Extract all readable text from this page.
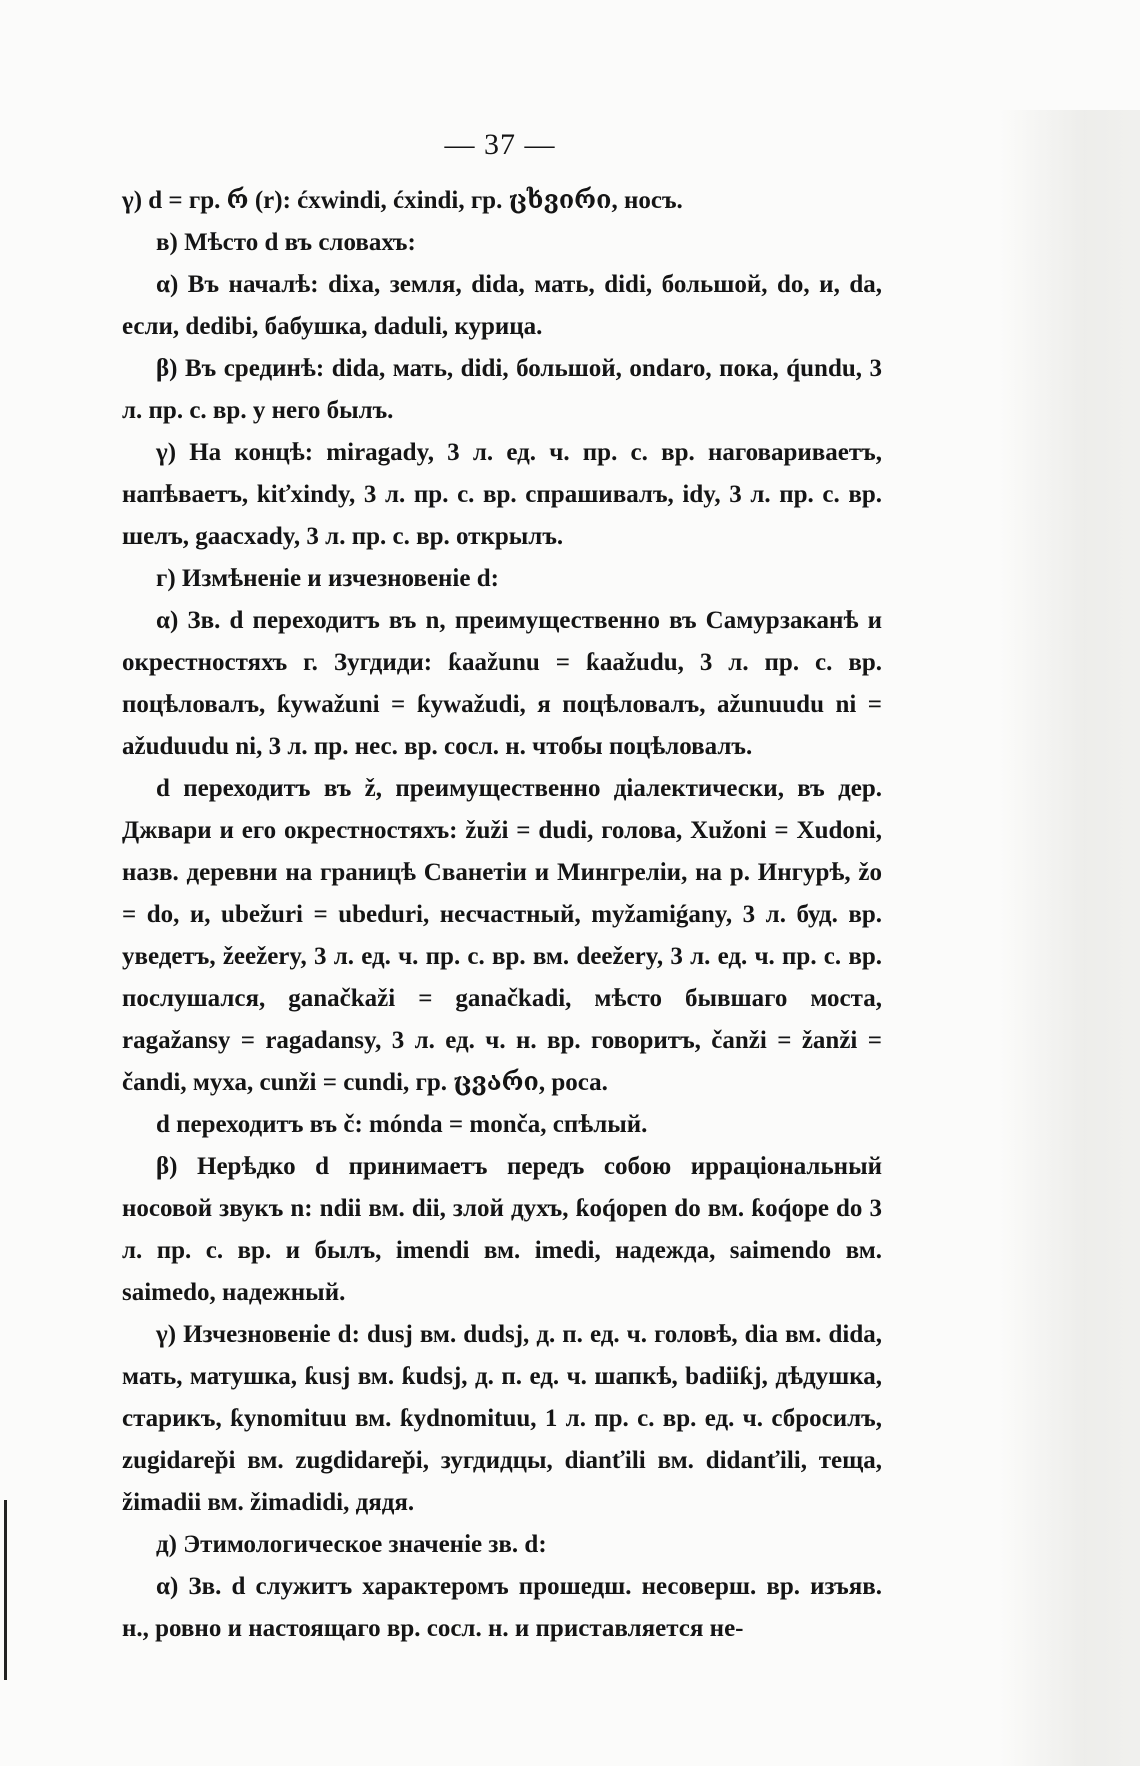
— 37 —

γ) d = гр. რ (r): ćxwindi, ćxindi, гр. ცხვირი, носъ.

в) Мѣсто d въ словахъ:

α) Въ началѣ: dixa, земля, dida, мать, didi, большой, do, и, da, если, dedibi, бабушка, daduli, курица.

β) Въ срединѣ: dida, мать, didi, большой, ondaro, пока, q́undu, 3 л. пр. с. вр. у него былъ.

γ) На концѣ: miragady, 3 л. ед. ч. пр. с. вр. наговариваетъ, напѣваетъ, kiťxindy, 3 л. пр. с. вр. спрашивалъ, idy, 3 л. пр. с. вр. шелъ, gaacxady, 3 л. пр. с. вр. открылъ.

г) Измѣненіе и изчезновеніе d:

α) Зв. d переходитъ въ n, преимущественно въ Самурзаканѣ и окрестностяхъ г. Зугдиди: ƙaažunu = ƙaažudu, 3 л. пр. с. вр. поцѣловалъ, ƙywažuni = ƙywažudi, я поцѣловалъ, ažunuudu ni = ažuduudu ni, 3 л. пр. нес. вр. сосл. н. чтобы поцѣловалъ.

d переходитъ въ ž, преимущественно діалектически, въ дер. Джвари и его окрестностяхъ: žuži = dudi, голова, Xužoni = Xudoni, назв. деревни на границѣ Сванетіи и Мингреліи, на р. Ингурѣ, žo = do, и, ubežuri = ubeduri, несчастный, myžamiǵany, 3 л. буд. вр. уведетъ, žeežery, 3 л. ед. ч. пр. с. вр. вм. deežery, 3 л. ед. ч. пр. с. вр. послушался, ganačkaži = ganačkadi, мѣсто бывшаго моста, ragažansy = ragadansy, 3 л. ед. ч. н. вр. говоритъ, čanži = žanži = čandi, муха, cunži = cundi, гр. ცვარი, роса.

d переходитъ въ č: mónda = monča, спѣлый.

β) Нерѣдко d принимаетъ передъ собою ирраціональный носовой звукъ n: ndii вм. dii, злой духъ, ƙoq́open do вм. ƙoq́ope do 3 л. пр. с. вр. и былъ, imendi вм. imedi, надежда, saimendo вм. saimedo, надежный.

γ) Изчезновеніе d: dusj вм. dudsj, д. п. ед. ч. головѣ, dia вм. dida, мать, матушка, ƙusj вм. ƙudsj, д. п. ед. ч. шапкѣ, badiiƙj, дѣдушка, старикъ, ƙynomituu вм. ƙydnomituu, 1 л. пр. с. вр. ед. ч. сбросилъ, zugidarep̌i вм. zugdidarep̌i, зугдидцы, dianťili вм. didanťili, теща, žimadii вм. žimadidi, дядя.

д) Этимологическое значеніе зв. d:

α) Зв. d служитъ характеромъ прошедш. несоверш. вр. изъяв. н., ровно и настоящаго вр. сосл. н. и приставляется не-
